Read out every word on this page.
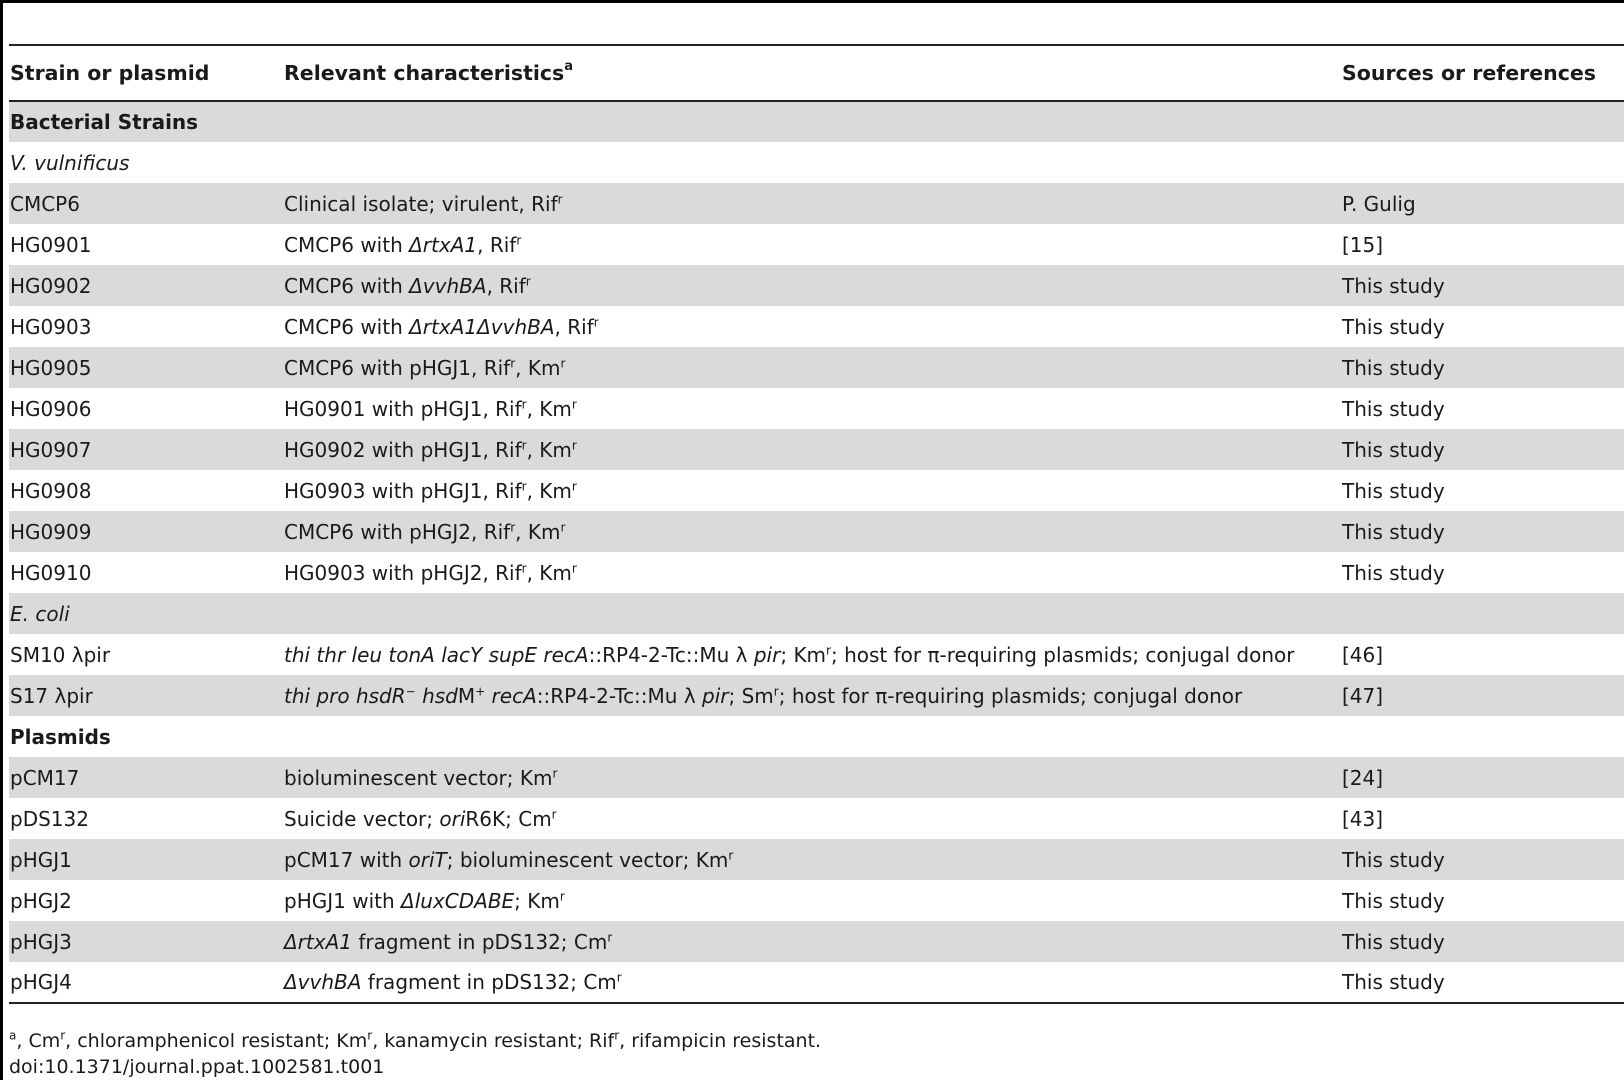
Strain or plasmid	Relevant characteristics$^a$	Sources or references
Bacterial Strains		
V. vulnificus		
CMCP6	Clinical isolate; virulent, Rif$^r$	P. Gulig
HG0901	CMCP6 with ΔrtxA1, Rif$^r$	[15]
HG0902	CMCP6 with ΔvvhBA, Rif$^r$	This study
HG0903	CMCP6 with ΔrtxA1ΔvvhBA, Rif$^r$	This study
HG0905	CMCP6 with pHGJ1, Rif$^r$, Km$^r$	This study
HG0906	HG0901 with pHGJ1, Rif$^r$, Km$^r$	This study
HG0907	HG0902 with pHGJ1, Rif$^r$, Km$^r$	This study
HG0908	HG0903 with pHGJ1, Rif$^r$, Km$^r$	This study
HG0909	CMCP6 with pHGJ2, Rif$^r$, Km$^r$	This study
HG0910	HG0903 with pHGJ2, Rif$^r$, Km$^r$	This study
E. coli		
SM10 λpir	thi thr leu tonA lacY supE recA::RP4-2-Tc::Mu λ pir; Km$^r$; host for π-requiring plasmids; conjugal donor	[46]
S17 λpir	thi pro hsdR− hsdM+ recA::RP4-2-Tc::Mu λ pir; Sm$^r$; host for π-requiring plasmids; conjugal donor	[47]
Plasmids		
pCM17	bioluminescent vector; Km$^r$	[24]
pDS132	Suicide vector; oriR6K; Cm$^r$	[43]
pHGJ1	pCM17 with oriT; bioluminescent vector; Km$^r$	This study
pHGJ2	pHGJ1 with ΔluxCDABE; Km$^r$	This study
pHGJ3	ΔrtxA1 fragment in pDS132; Cm$^r$	This study
pHGJ4	ΔvvhBA fragment in pDS132; Cm$^r$	This study
$^a$, Cm$^r$, chloramphenicol resistant; Km$^r$, kanamycin resistant; Rif$^r$, rifampicin resistant.
doi:10.1371/journal.ppat.1002581.t001
